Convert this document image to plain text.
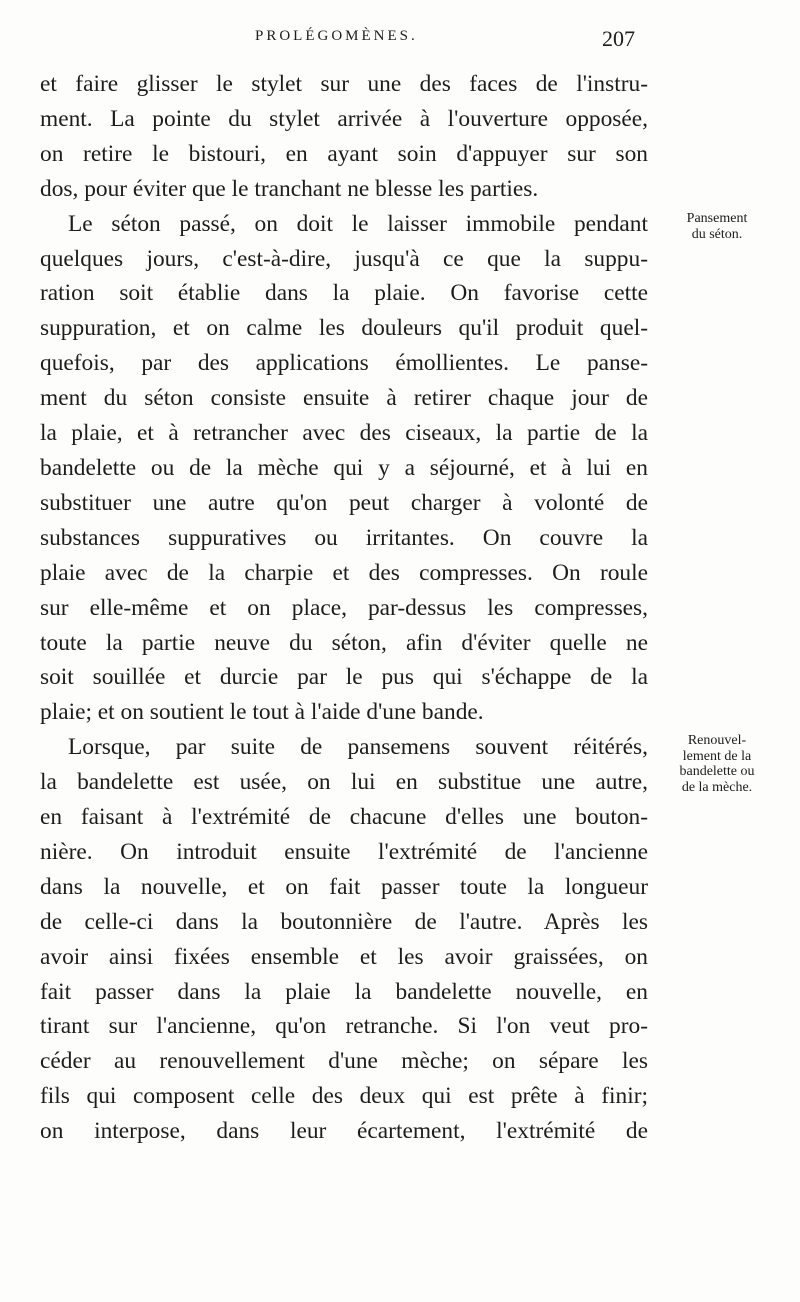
PROLÉGOMÈNES.	207
et faire glisser le stylet sur une des faces de l'instru-
ment. La pointe du stylet arrivée à l'ouverture opposée,
on retire le bistouri, en ayant soin d'appuyer sur son
dos, pour éviter que le tranchant ne blesse les parties.
Le séton passé, on doit le laisser immobile pendant
quelques jours, c'est-à-dire, jusqu'à ce que la suppu-
ration soit établie dans la plaie. On favorise cette
suppuration, et on calme les douleurs qu'il produit quel-
quefois, par des applications émollientes. Le panse-
ment du séton consiste ensuite à retirer chaque jour de
la plaie, et à retrancher avec des ciseaux, la partie de la
bandelette ou de la mèche qui y a séjourné, et à lui en
substituer une autre qu'on peut charger à volonté de
substances suppuratives ou irritantes. On couvre la
plaie avec de la charpie et des compresses. On roule
sur elle-même et on place, par-dessus les compresses,
toute la partie neuve du séton, afin d'éviter quelle ne
soit souillée et durcie par le pus qui s'échappe de la
plaie; et on soutient le tout à l'aide d'une bande.
Lorsque, par suite de pansemens souvent réitérés,
la bandelette est usée, on lui en substitue une autre,
en faisant à l'extrémité de chacune d'elles une bouton-
nière. On introduit ensuite l'extrémité de l'ancienne
dans la nouvelle, et on fait passer toute la longueur
de celle-ci dans la boutonnière de l'autre. Après les
avoir ainsi fixées ensemble et les avoir graissées, on
fait passer dans la plaie la bandelette nouvelle, en
tirant sur l'ancienne, qu'on retranche. Si l'on veut pro-
céder au renouvellement d'une mèche; on sépare les
fils qui composent celle des deux qui est prête à finir;
on interpose, dans leur écartement, l'extrémité de
Pansement
du séton.
Renouvel-
lement de la
bandelette ou
de la mèche.
